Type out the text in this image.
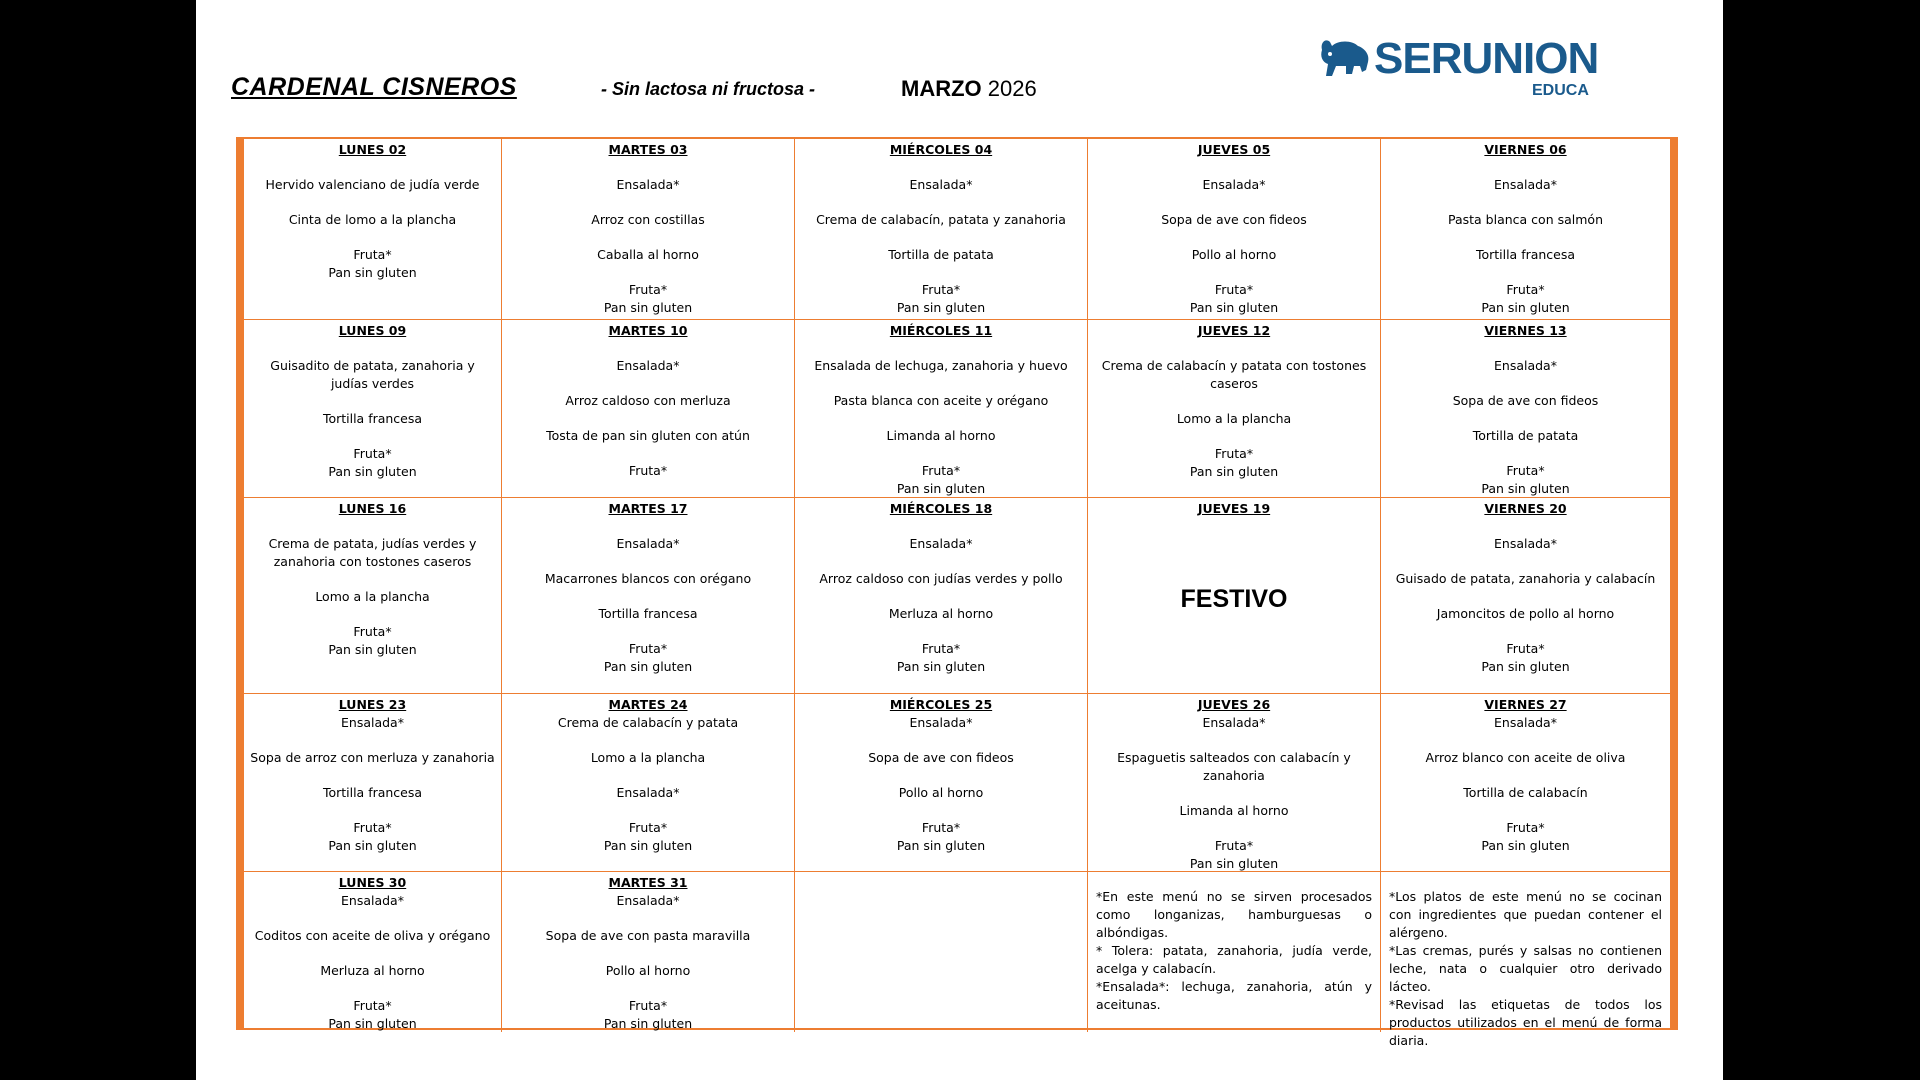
CARDENAL CISNEROS	- Sin lactosa ni fructosa -	MARZO 2026
SERUNION
EDUCA
LUNES 02
Hervido valenciano de judía verde
Cinta de lomo a la plancha
Fruta*
Pan sin gluten
MARTES 03
Ensalada*
Arroz con costillas
Caballa al horno
Fruta*
Pan sin gluten
MIÉRCOLES 04
Ensalada*
Crema de calabacín, patata y zanahoria
Tortilla de patata
Fruta*
Pan sin gluten
JUEVES 05
Ensalada*
Sopa de ave con fideos
Pollo al horno
Fruta*
Pan sin gluten
VIERNES 06
Ensalada*
Pasta blanca con salmón
Tortilla francesa
Fruta*
Pan sin gluten
LUNES 09
Guisadito de patata, zanahoria y judías verdes
Tortilla francesa
Fruta*
Pan sin gluten
MARTES 10
Ensalada*
Arroz caldoso con merluza
Tosta de pan sin gluten con atún
Fruta*
MIÉRCOLES 11
Ensalada de lechuga, zanahoria y huevo
Pasta blanca con aceite y orégano
Limanda al horno
Fruta*
Pan sin gluten
JUEVES 12
Crema de calabacín y patata con tostones caseros
Lomo a la plancha
Fruta*
Pan sin gluten
VIERNES 13
Ensalada*
Sopa de ave con fideos
Tortilla de patata
Fruta*
Pan sin gluten
LUNES 16
Crema de patata, judías verdes y zanahoria con tostones caseros
Lomo a la plancha
Fruta*
Pan sin gluten
MARTES 17
Ensalada*
Macarrones blancos con orégano
Tortilla francesa
Fruta*
Pan sin gluten
MIÉRCOLES 18
Ensalada*
Arroz caldoso con judías verdes y pollo
Merluza al horno
Fruta*
Pan sin gluten
JUEVES 19
FESTIVO
VIERNES 20
Ensalada*
Guisado de patata, zanahoria y calabacín
Jamoncitos de pollo al horno
Fruta*
Pan sin gluten
LUNES 23
Ensalada*
Sopa de arroz con merluza y zanahoria
Tortilla francesa
Fruta*
Pan sin gluten
MARTES 24
Crema de calabacín y patata
Lomo a la plancha
Ensalada*
Fruta*
Pan sin gluten
MIÉRCOLES 25
Ensalada*
Sopa de ave con fideos
Pollo al horno
Fruta*
Pan sin gluten
JUEVES 26
Ensalada*
Espaguetis salteados con calabacín y zanahoria
Limanda al horno
Fruta*
Pan sin gluten
VIERNES 27
Ensalada*
Arroz blanco con aceite de oliva
Tortilla de calabacín
Fruta*
Pan sin gluten
LUNES 30
Ensalada*
Coditos con aceite de oliva y orégano
Merluza al horno
Fruta*
Pan sin gluten
MARTES 31
Ensalada*
Sopa de ave con pasta maravilla
Pollo al horno
Fruta*
Pan sin gluten

*En este menú no se sirven procesados como longanizas, hamburguesas o albóndigas.

* Tolera: patata, zanahoria, judía verde, acelga y calabacín.

*Ensalada*: lechuga, zanahoria, atún y aceitunas.

*Los platos de este menú no se cocinan con ingredientes que puedan contener el alérgeno.

*Las cremas, purés y salsas no contienen leche, nata o cualquier otro derivado lácteo.

*Revisad las etiquetas de todos los productos utilizados en el menú de forma diaria.
